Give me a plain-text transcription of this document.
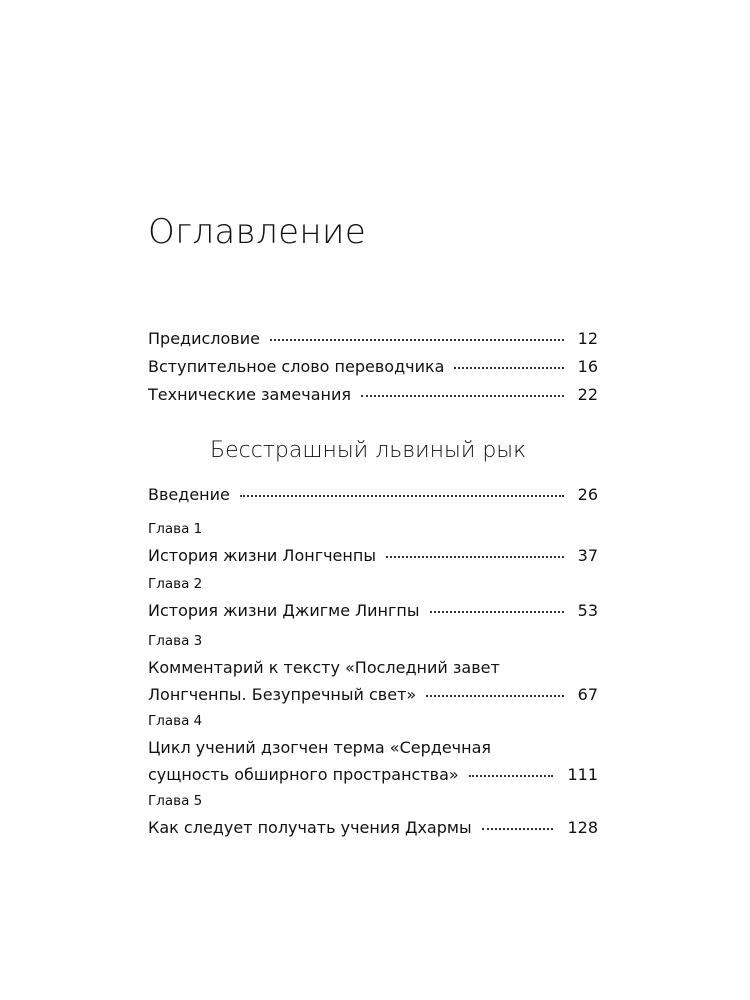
Оглавление
Предисловие	12
Вступительное слово переводчика	16
Технические замечания	22
Бесстрашный львиный рык
Введение	26
Глава 1
История жизни Лонгченпы	37
Глава 2
История жизни Джигме Лингпы	53
Глава 3
Комментарий к тексту «Последний завет
Лонгченпы. Безупречный свет»	67
Глава 4
Цикл учений дзогчен терма «Сердечная
сущность обширного пространства»	111
Глава 5
Как следует получать учения Дхармы	128
